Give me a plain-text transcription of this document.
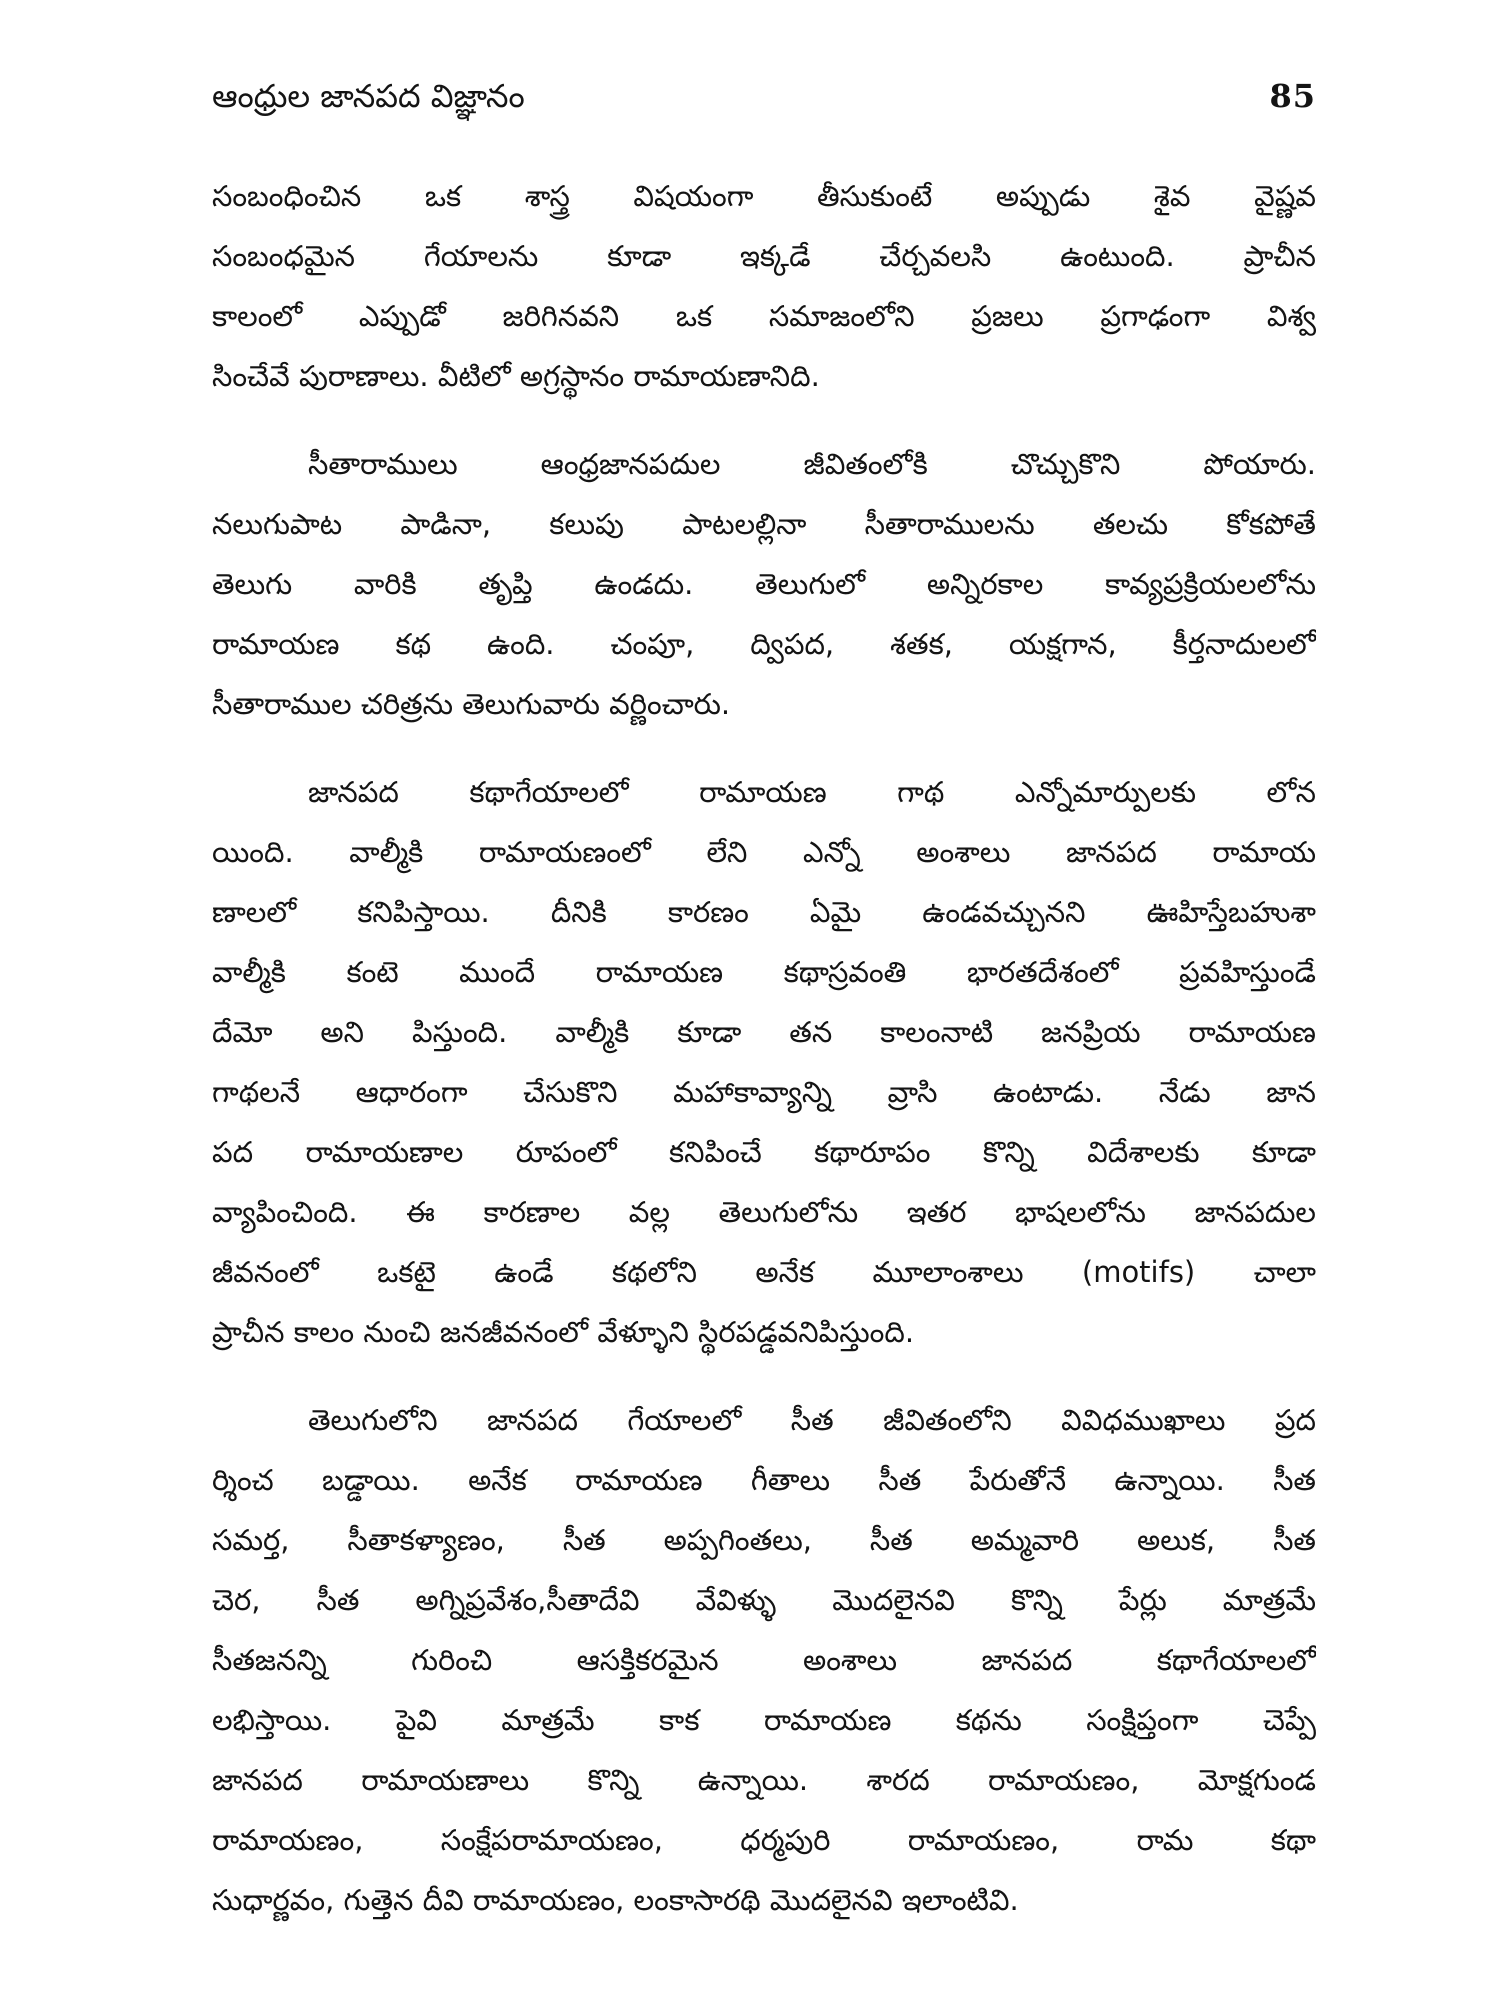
ఆంధ్రుల జానపద విజ్ఞానం	85
సంబంధించిన ఒక శాస్త్ర విషయంగా తీసుకుంటే అప్పుడు శైవ వైష్ణవ
సంబంధమైన గేయాలను కూడా ఇక్కడే చేర్చవలసి ఉంటుంది. ప్రాచీన
కాలంలో ఎప్పుడో జరిగినవని ఒక సమాజంలోని ప్రజలు ప్రగాఢంగా విశ్వ
సించేవే పురాణాలు. వీటిలో అగ్రస్థానం రామాయణానిది.
సీతారాములు ఆంధ్రజానపదుల జీవితంలోకి చొచ్చుకొని పోయారు.
నలుగుపాట పాడినా, కలుపు పాటలల్లినా సీతారాములను తలచు కోకపోతే
తెలుగు వారికి తృప్తి ఉండదు. తెలుగులో అన్నిరకాల కావ్యప్రక్రియలలోను
రామాయణ కథ ఉంది. చంపూ, ద్విపద, శతక, యక్షగాన, కీర్తనాదులలో
సీతారాముల చరిత్రను తెలుగువారు వర్ణించారు.
జానపద కథాగేయాలలో రామాయణ గాథ ఎన్నోమార్పులకు లోన
యింది. వాల్మీకి రామాయణంలో లేని ఎన్నో అంశాలు జానపద రామాయ
ణాలలో కనిపిస్తాయి. దీనికి కారణం ఏమై ఉండవచ్చునని ఊహిస్తేబహుశా
వాల్మీకి కంటె ముందే రామాయణ కథాస్రవంతి భారతదేశంలో ప్రవహిస్తుండే
దేమో అని పిస్తుంది. వాల్మీకి కూడా తన కాలంనాటి జనప్రియ రామాయణ
గాథలనే ఆధారంగా చేసుకొని మహాకావ్యాన్ని వ్రాసి ఉంటాడు. నేడు జాన
పద రామాయణాల రూపంలో కనిపించే కథారూపం కొన్ని విదేశాలకు కూడా
వ్యాపించింది. ఈ కారణాల వల్ల తెలుగులోను ఇతర భాషలలోను జానపదుల
జీవనంలో ఒకటై ఉండే కథలోని అనేక మూలాంశాలు (motifs) చాలా
ప్రాచీన కాలం నుంచి జనజీవనంలో వేళ్ళూని స్థిరపడ్డవనిపిస్తుంది.
తెలుగులోని జానపద గేయాలలో సీత జీవితంలోని వివిధముఖాలు ప్రద
ర్శించ బడ్డాయి. అనేక రామాయణ గీతాలు సీత పేరుతోనే ఉన్నాయి. సీత
సమర్త, సీతాకళ్యాణం, సీత అప్పగింతలు, సీత అమ్మవారి అలుక, సీత
చెర, సీత అగ్నిప్రవేశం,సీతాదేవి వేవిళ్ళు మొదలైనవి కొన్ని పేర్లు మాత్రమే
సీతజనన్ని గురించి ఆసక్తికరమైన అంశాలు జానపద కథాగేయాలలో
లభిస్తాయి. పైవి మాత్రమే కాక రామాయణ కథను సంక్షిప్తంగా చెప్పే
జానపద రామాయణాలు కొన్ని ఉన్నాయి. శారద రామాయణం, మోక్షగుండ
రామాయణం, సంక్షేపరామాయణం, ధర్మపురి రామాయణం, రామ కథా
సుధార్ణవం, గుత్తెన దీవి రామాయణం, లంకాసారథి మొదలైనవి ఇలాంటివి.
